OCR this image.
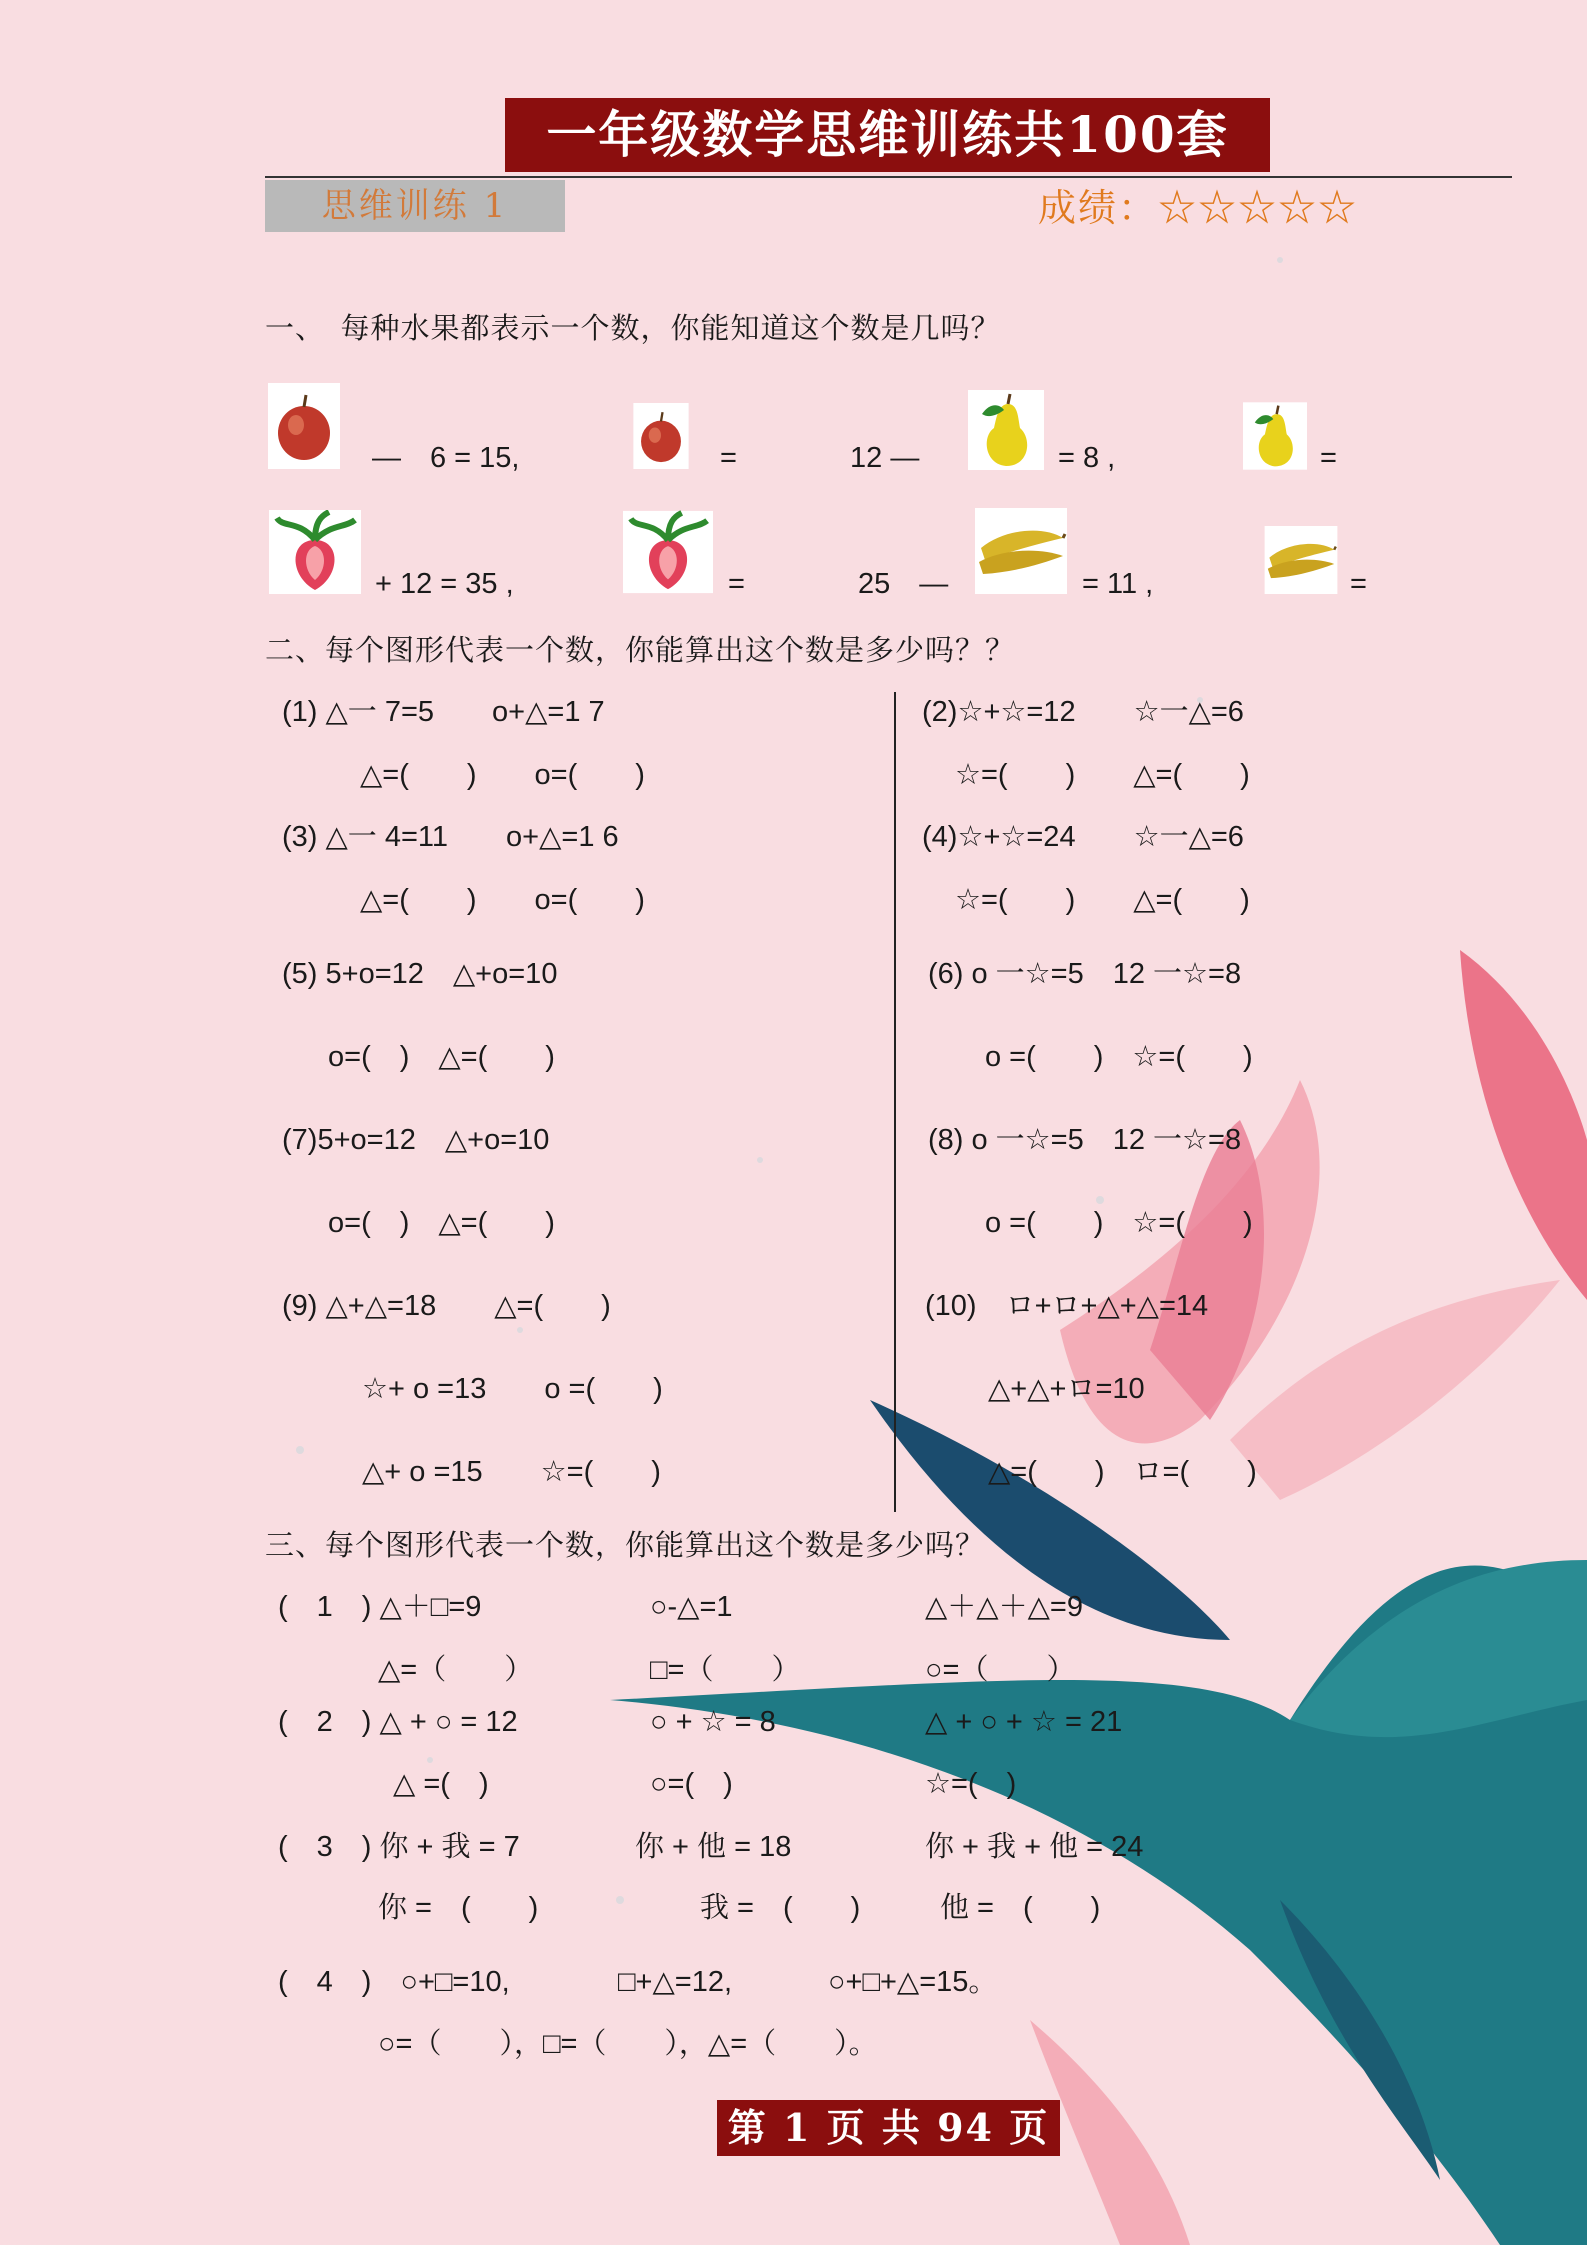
一年级数学思维训练共100套
思维训练 1	成绩：☆☆☆☆☆
一、　每种水果都表示一个数，你能知道这个数是几吗？
—　6 = 15,	=	12 —	= 8 ,	=
+ 12 = 35 ,	=	25　—	= 11 ,	=
二、每个图形代表一个数，你能算出这个数是多少吗？？
(1) △一 7=5　　o+△=1 7
△=(　　)　　o=(　　)
(3) △一 4=11　　o+△=1 6
△=(　　)　　o=(　　)
(5) 5+o=12　△+o=10
o=(　)　△=(　　)
(7)5+o=12　△+o=10
o=(　)　△=(　　)
(9) △+△=18　　△=(　　)
☆+ o =13　　o =(　　)
△+ o =15　　☆=(　　)
(2)☆+☆=12　　☆一△=6
☆=(　　)　　△=(　　)
(4)☆+☆=24　　☆一△=6
☆=(　　)　　△=(　　)
(6) o 一☆=5　12 一☆=8
o =(　　)　☆=(　　)
(8) o 一☆=5　12 一☆=8
o =(　　)　☆=(　　)
(10)　ロ+ロ+△+△=14
△+△+ロ=10
△=(　　)　ロ=(　　)
三、每个图形代表一个数，你能算出这个数是多少吗？
(　1　) △＋□=9	○-△=1	△＋△＋△=9
△=（　　）	□=（　　）	○=（　　）
(　2　) △ + ○ = 12	○ + ☆ = 8	△ + ○ + ☆ = 21
△ =(　)	○=(　)	☆=(　)
(　3　) 你 + 我 = 7	你 + 他 = 18	你 + 我 + 他 = 24
你 =　(　　)	我 =　(　　)	他 =　(　　)
(　4　)　○+□=10,	□+△=12,	○+□+△=15。
○=（　　），□=（　　），△=（　　）。
第 1 页 共 94 页
